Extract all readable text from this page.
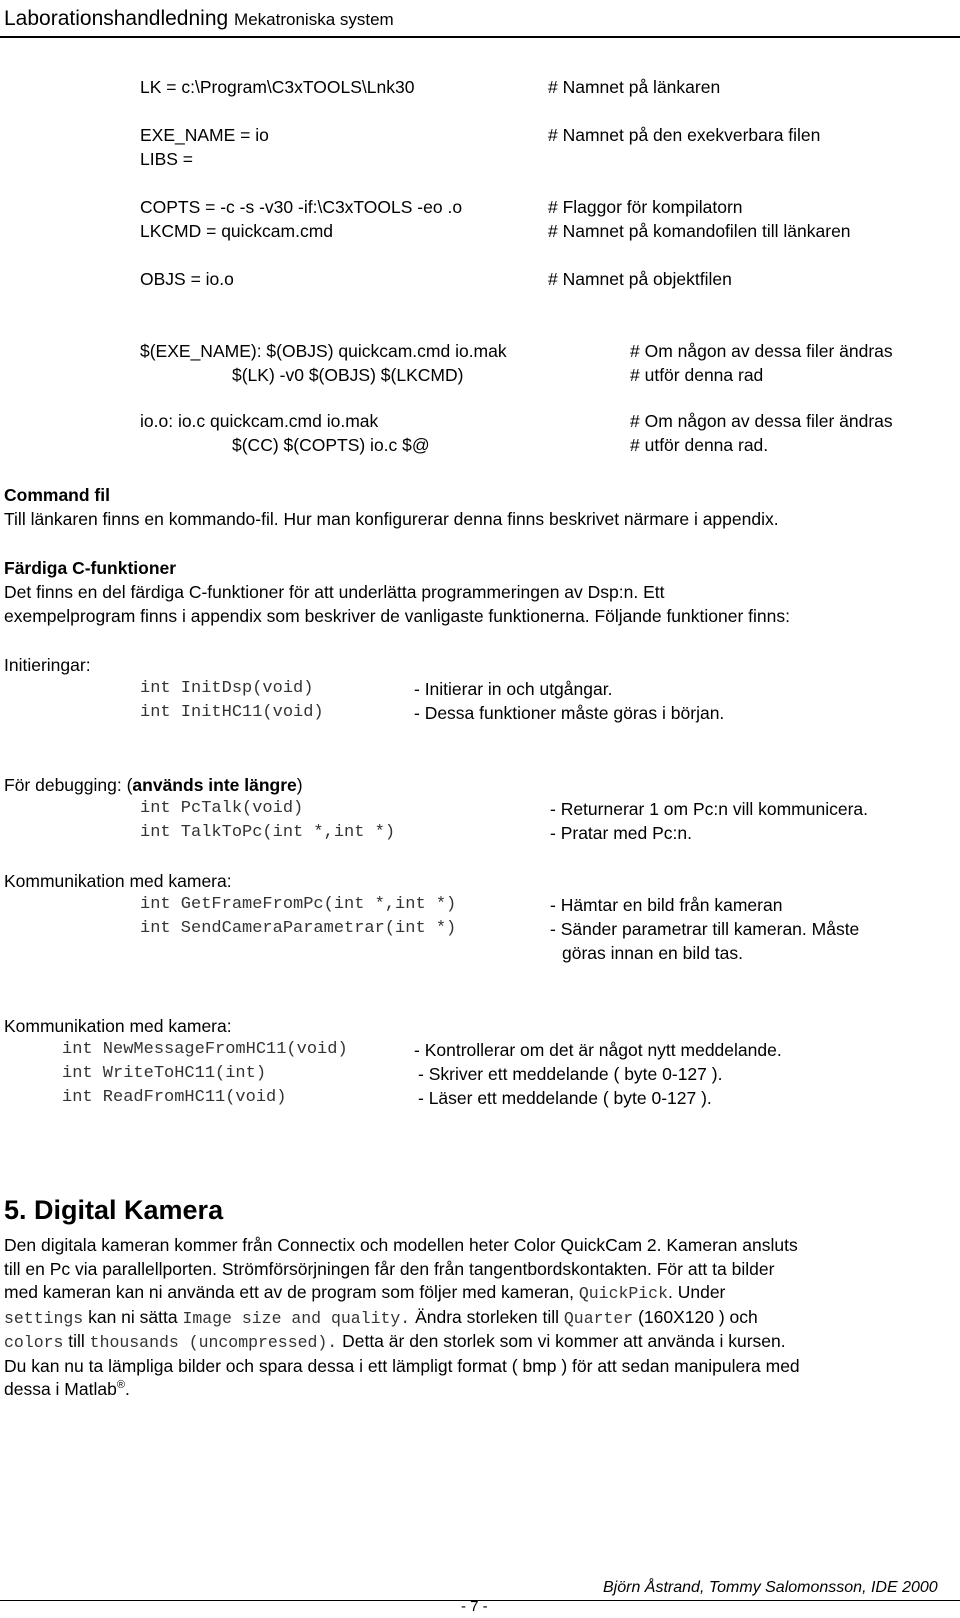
Laborationshandledning Mekatroniska system
LK = c:\Program\C3xTOOLS\Lnk30	# Namnet på länkaren
EXE_NAME = io	# Namnet på den exekverbara filen
LIBS =
COPTS = -c -s -v30 -if:\C3xTOOLS -eo .o	# Flaggor för kompilatorn
LKCMD = quickcam.cmd	# Namnet på komandofilen till länkaren
OBJS = io.o	# Namnet på objektfilen
$(EXE_NAME): $(OBJS) quickcam.cmd io.mak	# Om någon av dessa filer ändras
$(LK) -v0 $(OBJS) $(LKCMD)	# utför denna rad
io.o: io.c quickcam.cmd io.mak	# Om någon av dessa filer ändras
$(CC) $(COPTS) io.c $@	# utför denna rad.
Command fil
Till länkaren finns en kommando-fil. Hur man konfigurerar denna finns beskrivet närmare i appendix.
Färdiga C-funktioner
Det finns en del färdiga C-funktioner för att underlätta programmeringen av Dsp:n. Ett
exempelprogram finns i appendix som beskriver de vanligaste funktionerna. Följande funktioner finns:
Initieringar:
int InitDsp(void)	- Initierar in och utgångar.
int InitHC11(void)	- Dessa funktioner måste göras i början.
För debugging: (används inte längre)
int PcTalk(void)	- Returnerar 1 om Pc:n vill kommunicera.
int TalkToPc(int *,int *)	- Pratar med Pc:n.
Kommunikation med kamera:
int GetFrameFromPc(int *,int *)	- Hämtar en bild från kameran
int SendCameraParametrar(int *)	- Sänder parametrar till kameran. Måste
göras innan en bild tas.
Kommunikation med kamera:
int NewMessageFromHC11(void)	- Kontrollerar om det är något nytt meddelande.
int WriteToHC11(int)	- Skriver ett meddelande ( byte 0-127 ).
int ReadFromHC11(void)	- Läser ett meddelande ( byte 0-127 ).
5. Digital Kamera
Den digitala kameran kommer från Connectix och modellen heter Color QuickCam 2. Kameran ansluts
till en Pc via parallellporten. Strömförsörjningen får den från tangentbordskontakten. För att ta bilder
med kameran kan ni använda ett av de program som följer med kameran, QuickPick. Under
settings kan ni sätta Image size and quality. Ändra storleken till Quarter (160X120 ) och
colors till thousands (uncompressed). Detta är den storlek som vi kommer att använda i kursen.
Du kan nu ta lämpliga bilder och spara dessa i ett lämpligt format ( bmp ) för att sedan manipulera med
dessa i Matlab®.
Björn Åstrand, Tommy Salomonsson, IDE 2000
- 7 -
